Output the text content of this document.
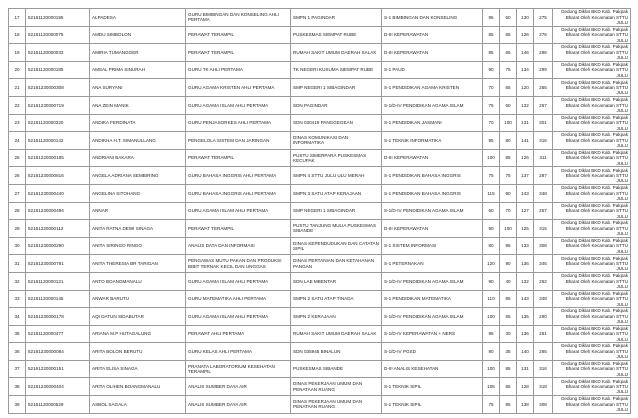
17	52161120000195	ALPADESA	GURU BIMBINGAN DAN KONSELING AHLI PERTAMA	SMPN 1 PAGINDAR	S-1 BIMBINGAN DAN KONSELING	95	50	130	275	Gedung Diklat BKD Kab. Pakpak Bharat Oleh Kecamatan STTU JULU
18	52161120000075	AMDU SIMBOLON	PERAWAT TERAMPIL	PUSKESMAS SIEMPAT RUBE	D-III KEPERAWATAN	85	65	126	276	Gedung Diklat BKD Kab. Pakpak Bharat Oleh Kecamatan STTU JULU
19	52161120000033	AMIRIA TUMANGGER	PERAWAT TERAMPIL	RUMAH SAKIT UMUM DAERAH SALAK	D-III KEPERAWATAN	85	65	146	296	Gedung Diklat BKD Kab. Pakpak Bharat Oleh Kecamatan STTU JULU
20	52161120000185	AMSAL PRIMA SINURAH	GURU TK AHLI PERTAMA	TK NEGERI KUSUMA SIEMPAT RUBE	S-1 PAUD	90	75	134	299	Gedung Diklat BKD Kab. Pakpak Bharat Oleh Kecamatan STTU JULU
21	52161230000308	ANA SURYANI	GURU AGAMA KRISTEN AHLI PERTAMA	SMP NEGERI 1 SIBAGINDAR	S-1 PENDIDIKAN AGAMA KRISTEN	70	65	120	255	Gedung Diklat BKD Kab. Pakpak Bharat Oleh Kecamatan STTU JULU
22	52161230000719	ANA ZEIN MANIK	GURU AGAMA ISLAM AHLI PERTAMA	SDN PAGINDAR	S-1/D-IV PENDIDIKAN AGAMA ISLAM	75	60	132	267	Gedung Diklat BKD Kab. Pakpak Bharat Oleh Kecamatan STTU JULU
23	52161120000320	ANDIKA FERDINATA	GURU PENJASORKES AHLI PERTAMA	SDN 030419 PANGGEGEAN	S-1 PENDIDIKAN JASMANI	70	100	131	301	Gedung Diklat BKD Kab. Pakpak Bharat Oleh Kecamatan STTU JULU
24	52161120000142	ANDIKHA H.T. SIMANULLANG	PENGELOLA SISTEM DAN JARINGAN	DINAS KOMUNIKASI DAN INFORMATIKA	S-1 TEKNIK INFORMATIKA	95	80	141	316	Gedung Diklat BKD Kab. Pakpak Bharat Oleh Kecamatan STTU JULU
25	52161220000185	ANDRIANI BAKARA	PERAWAT TERAMPIL	PUSTU SIMERPARA PUSKESMAS KECUPAK	D-III KEPERAWATAN	100	85	126	311	Gedung Diklat BKD Kab. Pakpak Bharat Oleh Kecamatan STTU JULU
26	52161230000816	ANGELA ADRIANA SEMBIRING	GURU BAHASA INGGRIS AHLI PERTAMA	SMPN 4 STTU JULU ULU MERAH	S-1 PENDIDIKAN BAHASA INGGRIS	75	75	137	287	Gedung Diklat BKD Kab. Pakpak Bharat Oleh Kecamatan STTU JULU
27	52161230000440	ANGELINA SITOHANG	GURU BAHASA INGGRIS AHLI PERTAMA	SMPN 3 SATU ATAP KERAJAAN	S-1 PENDIDIKAN BAHASA INGGRIS	115	90	143	348	Gedung Diklat BKD Kab. Pakpak Bharat Oleh Kecamatan STTU JULU
28	52161230000494	ANNAR	GURU AGAMA ISLAM AHLI PERTAMA	SMP NEGERI 1 SIBAGINDAR	S-1/D-IV PENDIDIKAN AGAMA ISLAM	60	70	127	257	Gedung Diklat BKD Kab. Pakpak Bharat Oleh Kecamatan STTU JULU
29	52161220000112	ANITA RATNA DEWI SINAGA	PERAWAT TERAMPIL	PUSTU TANJUNG MULIA PUSKESMAS SIBANDE	D-III KEPERAWATAN	90	100	125	315	Gedung Diklat BKD Kab. Pakpak Bharat Oleh Kecamatan STTU JULU
30	52161230000290	ANITA SIRINGO RINGO	ANALIS DATA DAN INFORMASI	DINAS KEPENDUDUKAN DAN CATATAN SIPIL	S-1 SISTEM INFORMASI	80	95	133	308	Gedung Diklat BKD Kab. Pakpak Bharat Oleh Kecamatan STTU JULU
31	52161230000791	ANITA THERESIA BR TARIGAN	PENGAWAS MUTU PAKAN DAN PRODUKSI BIBIT TERNAK KECIL DAN UNGGAS	DINAS PERTANIAN DAN KETAHANAN PANGAN	S-1 PETERNAKAN	120	90	136	346	Gedung Diklat BKD Kab. Pakpak Bharat Oleh Kecamatan STTU JULU
32	52161120000121	ANTO BOANGMANALU	GURU AGAMA ISLAM AHLI PERTAMA	SDN LAE MBENTAR	S-1/D-IV PENDIDIKAN AGAMA ISLAM	90	40	132	262	Gedung Diklat BKD Kab. Pakpak Bharat Oleh Kecamatan STTU JULU
33	52161120000145	ANWAR BARUTU	GURU MATEMATIKA AHLI PERTAMA	SMPN 2 SATU ATAP TINADA	S-1 PENDIDIKAN MATEMATIKA	110	95	143	348	Gedung Diklat BKD Kab. Pakpak Bharat Oleh Kecamatan STTU JULU
34	52161230000178	AQI DATUN SIDABUTAR	GURU AGAMA ISLAM AHLI PERTAMA	SMPN 2 KERAJAAN	S-1/D-IV PENDIDIKAN AGAMA ISLAM	100	55	135	290	Gedung Diklat BKD Kab. Pakpak Bharat Oleh Kecamatan STTU JULU
35	52161120000477	ARIANA M.P HUTAGALUNG	PERAWAT AHLI PERTAMA	RUMAH SAKIT UMUM DAERAH SALAK	S-1/D-IV KEPERAWATAN + NERS	95	30	136	261	Gedung Diklat BKD Kab. Pakpak Bharat Oleh Kecamatan STTU JULU
36	52161230000084	ARITA BOLON BERUTU	GURU KELAS AHLI PERTAMA	SDN 035945 BINALUN	S-1/D-IV PGSD	90	35	140	265	Gedung Diklat BKD Kab. Pakpak Bharat Oleh Kecamatan STTU JULU
37	52161220000151	ARITA ELISA SINAGA	PRANATA LABORATORIUM KESEHATAN TERAMPIL	PUSKESMAS SIBANDE	D-III ANALIS KESEHATAN	100	85	131	316	Gedung Diklat BKD Kab. Pakpak Bharat Oleh Kecamatan STTU JULU
38	52161230000404	ARITA OLIHEN BOANGMANALU	ANALIS SUMBER DAYA AIR	DINAS PEKERJAAN UMUM DAN PENATAAN RUANG	S-1 TEKNIK SIPIL	105	85	128	318	Gedung Diklat BKD Kab. Pakpak Bharat Oleh Kecamatan STTU JULU
39	52161120000529	ASBOL SAGALA	ANALIS SUMBER DAYA AIR	DINAS PEKERJAAN UMUM DAN PENATAAN RUANG	S-1 TEKNIK SIPIL	75	95	138	308	Gedung Diklat BKD Kab. Pakpak Bharat Oleh Kecamatan STTU JULU
